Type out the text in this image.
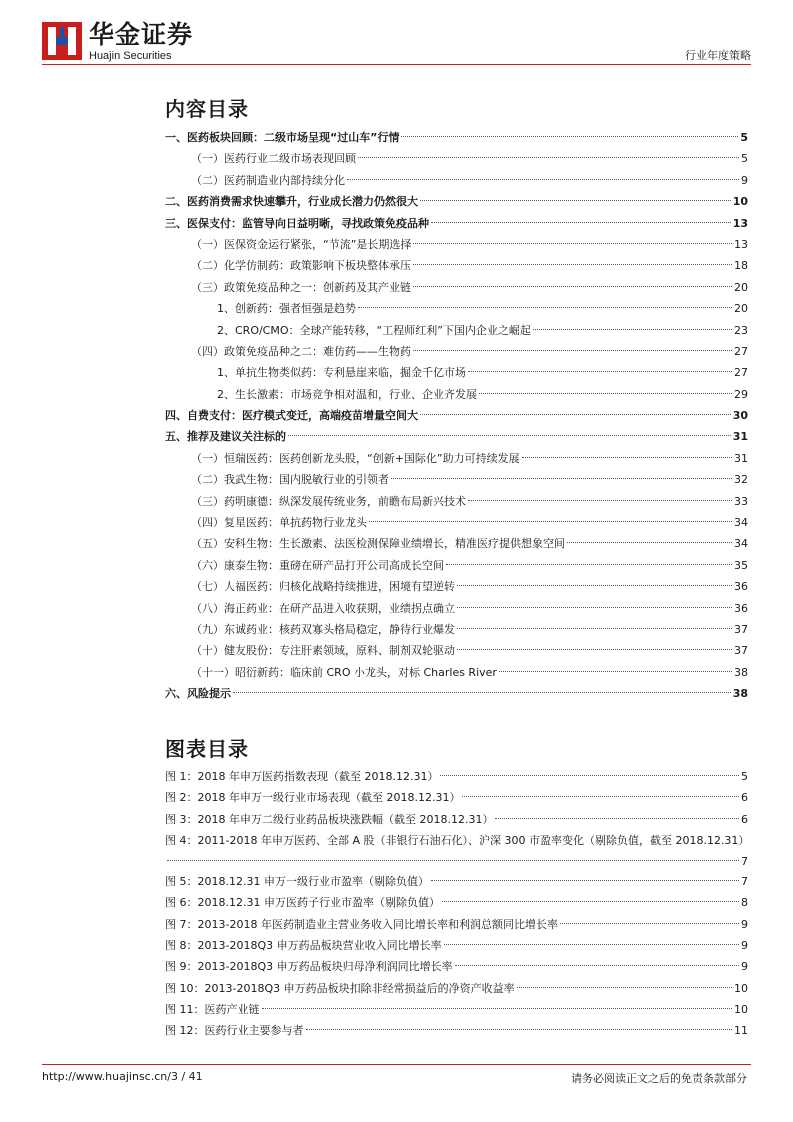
华金证券
Huajin Securities	行业年度策略
内容目录
一、医药板块回顾：二级市场呈现“过山车”行情	5
（一）医药行业二级市场表现回顾	5
（二）医药制造业内部持续分化	9
二、医药消费需求快速攀升，行业成长潜力仍然很大	10
三、医保支付：监管导向日益明晰，寻找政策免疫品种	13
（一）医保资金运行紧张，“节流”是长期选择	13
（二）化学仿制药：政策影响下板块整体承压	18
（三）政策免疫品种之一：创新药及其产业链	20
1、创新药：强者恒强是趋势	20
2、CRO/CMO：全球产能转移，“工程师红利”下国内企业之崛起	23
（四）政策免疫品种之二：难仿药——生物药	27
1、单抗生物类似药：专利悬崖来临，掘金千亿市场	27
2、生长激素：市场竞争相对温和，行业、企业齐发展	29
四、自费支付：医疗模式变迁，高端疫苗增量空间大	30
五、推荐及建议关注标的	31
（一）恒瑞医药：医药创新龙头股，“创新+国际化”助力可持续发展	31
（二）我武生物：国内脱敏行业的引领者	32
（三）药明康德：纵深发展传统业务，前瞻布局新兴技术	33
（四）复星医药：单抗药物行业龙头	34
（五）安科生物：生长激素、法医检测保障业绩增长，精准医疗提供想象空间	34
（六）康泰生物：重磅在研产品打开公司高成长空间	35
（七）人福医药：归核化战略持续推进，困境有望逆转	36
（八）海正药业：在研产品进入收获期，业绩拐点确立	36
（九）东诚药业：核药双寡头格局稳定，静待行业爆发	37
（十）健友股份：专注肝素领域，原料、制剂双轮驱动	37
（十一）昭衍新药：临床前 CRO 小龙头，对标 Charles River	38
六、风险提示	38
图表目录
图 1：2018 年申万医药指数表现（截至 2018.12.31）	5
图 2：2018 年申万一级行业市场表现（截至 2018.12.31）	6
图 3：2018 年申万二级行业药品板块涨跌幅（截至 2018.12.31）	6
图 4：2011-2018 年申万医药、全部 A 股（非银行石油石化）、沪深 300 市盈率变化（剔除负值，截至 2018.12.31）
7
图 5：2018.12.31 申万一级行业市盈率（剔除负值）	7
图 6：2018.12.31 申万医药子行业市盈率（剔除负值）	8
图 7：2013-2018 年医药制造业主营业务收入同比增长率和利润总额同比增长率	9
图 8：2013-2018Q3 申万药品板块营业收入同比增长率	9
图 9：2013-2018Q3 申万药品板块归母净利润同比增长率	9
图 10：2013-2018Q3 申万药品板块扣除非经常损益后的净资产收益率	10
图 11：医药产业链	10
图 12：医药行业主要参与者	11
http://www.huajinsc.cn/3 / 41	请务必阅读正文之后的免责条款部分
